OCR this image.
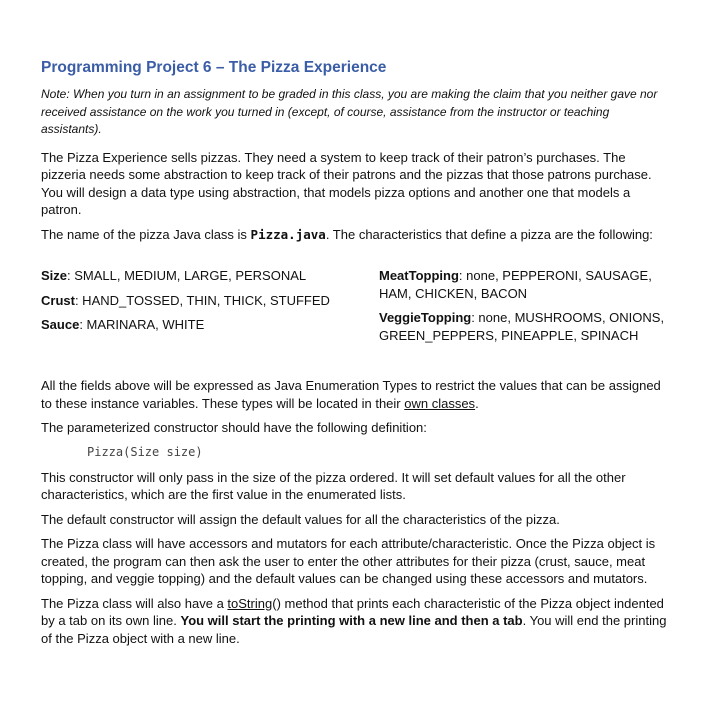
Programming Project 6 – The Pizza Experience
Note: When you turn in an assignment to be graded in this class, you are making the claim that you neither gave nor received assistance on the work you turned in (except, of course, assistance from the instructor or teaching assistants).

The Pizza Experience sells pizzas. They need a system to keep track of their patron’s purchases. The pizzeria needs some abstraction to keep track of their patrons and the pizzas that those patrons purchase. You will design a data type using abstraction, that models pizza options and another one that models a patron.

The name of the pizza Java class is Pizza.java. The characteristics that define a pizza are the following:

Size: SMALL, MEDIUM, LARGE, PERSONAL
Crust: HAND_TOSSED, THIN, THICK, STUFFED
Sauce: MARINARA, WHITE
MeatTopping: none, PEPPERONI, SAUSAGE, HAM, CHICKEN, BACON
VeggieTopping: none, MUSHROOMS, ONIONS, GREEN_PEPPERS, PINEAPPLE, SPINACH

All the fields above will be expressed as Java Enumeration Types to restrict the values that can be assigned to these instance variables. These types will be located in their own classes.

The parameterized constructor should have the following definition:

Pizza(Size size)

This constructor will only pass in the size of the pizza ordered. It will set default values for all the other characteristics, which are the first value in the enumerated lists.

The default constructor will assign the default values for all the characteristics of the pizza.

The Pizza class will have accessors and mutators for each attribute/characteristic. Once the Pizza object is created, the program can then ask the user to enter the other attributes for their pizza (crust, sauce, meat topping, and veggie topping) and the default values can be changed using these accessors and mutators.

The Pizza class will also have a toString() method that prints each characteristic of the Pizza object indented by a tab on its own line. You will start the printing with a new line and then a tab. You will end the printing of the Pizza object with a new line.
